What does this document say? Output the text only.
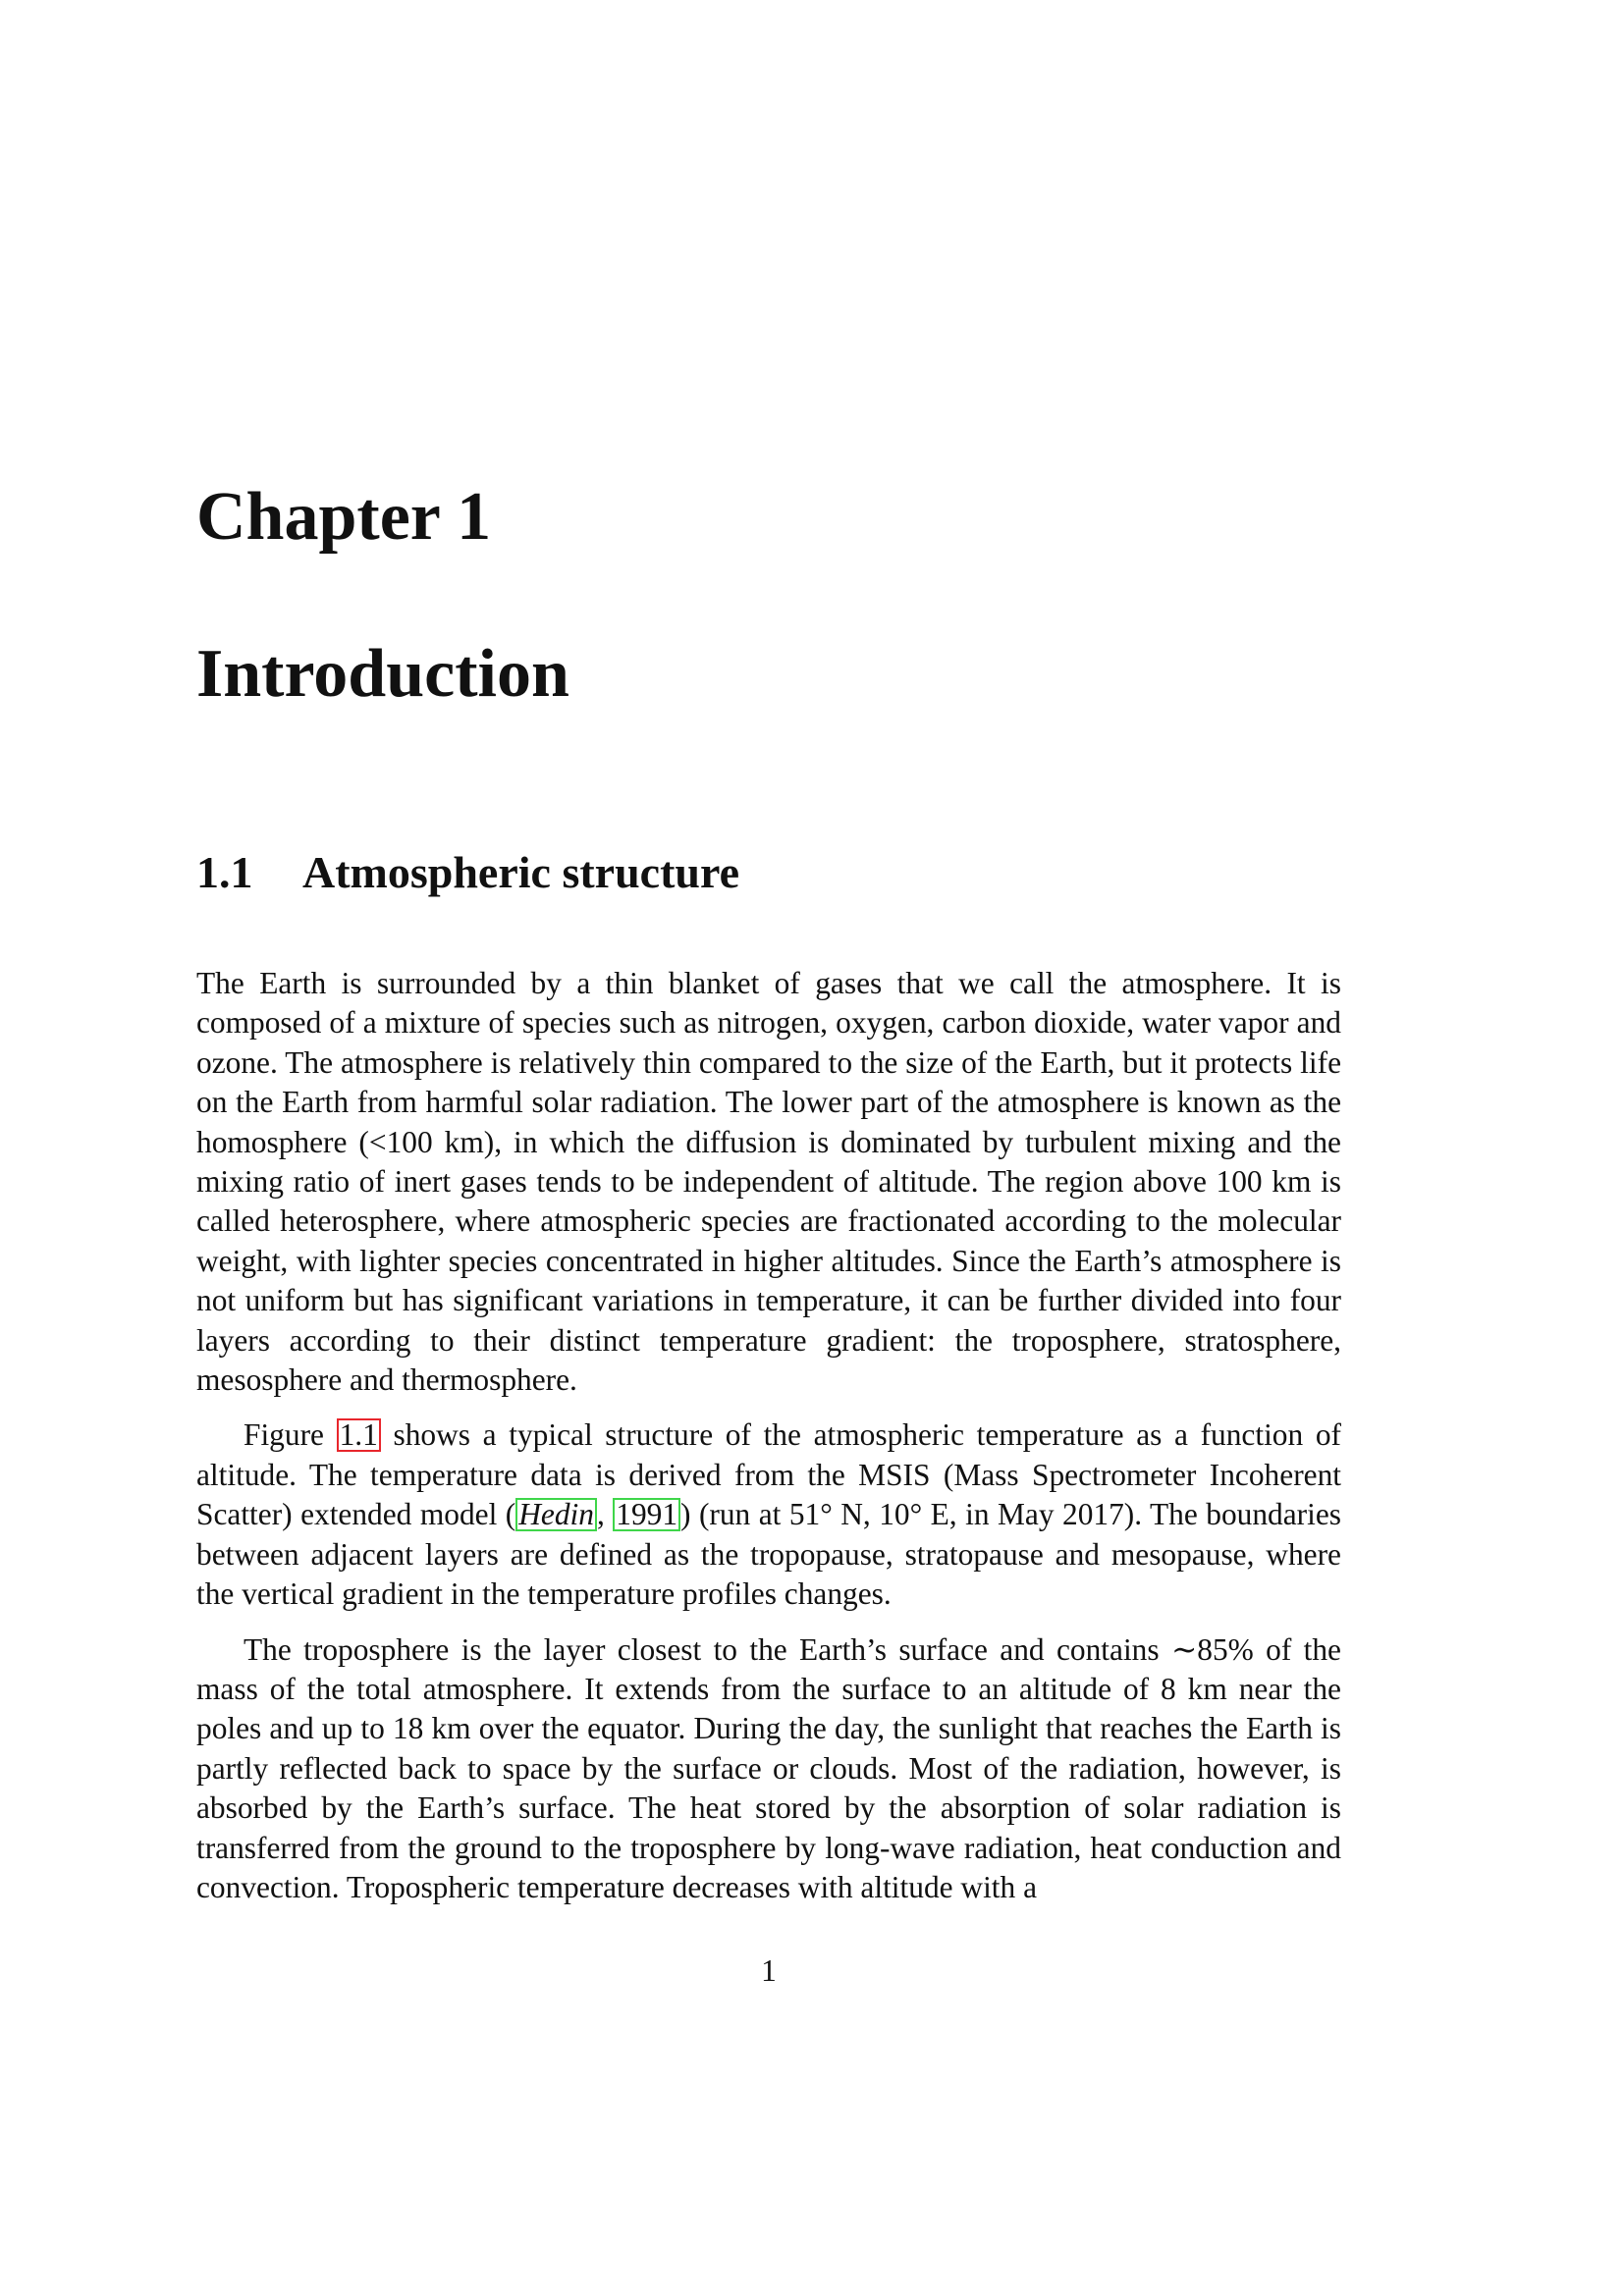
Chapter 1
Introduction
1.1 Atmospheric structure

The Earth is surrounded by a thin blanket of gases that we call the atmosphere. It is composed of a mixture of species such as nitrogen, oxygen, carbon dioxide, water vapor and ozone. The atmosphere is relatively thin compared to the size of the Earth, but it protects life on the Earth from harmful solar radiation. The lower part of the atmosphere is known as the homosphere (<100 km), in which the diffusion is dominated by turbulent mixing and the mixing ratio of inert gases tends to be independent of altitude. The region above 100 km is called heterosphere, where atmospheric species are fractionated according to the molecular weight, with lighter species concentrated in higher altitudes. Since the Earth’s atmosphere is not uniform but has significant variations in temperature, it can be further divided into four layers according to their distinct temperature gradient: the troposphere, stratosphere, mesosphere and thermosphere.

Figure 1.1 shows a typical structure of the atmospheric temperature as a function of altitude. The temperature data is derived from the MSIS (Mass Spectrometer Incoherent Scatter) extended model (Hedin, 1991) (run at 51° N, 10° E, in May 2017). The boundaries between adjacent layers are defined as the tropopause, stratopause and mesopause, where the vertical gradient in the temperature profiles changes.

The troposphere is the layer closest to the Earth’s surface and contains ∼85% of the mass of the total atmosphere. It extends from the surface to an altitude of 8 km near the poles and up to 18 km over the equator. During the day, the sunlight that reaches the Earth is partly reflected back to space by the surface or clouds. Most of the radiation, however, is absorbed by the Earth’s surface. The heat stored by the absorption of solar radiation is transferred from the ground to the troposphere by long-wave radiation, heat conduction and convection. Tropospheric temperature decreases with altitude with a

1
